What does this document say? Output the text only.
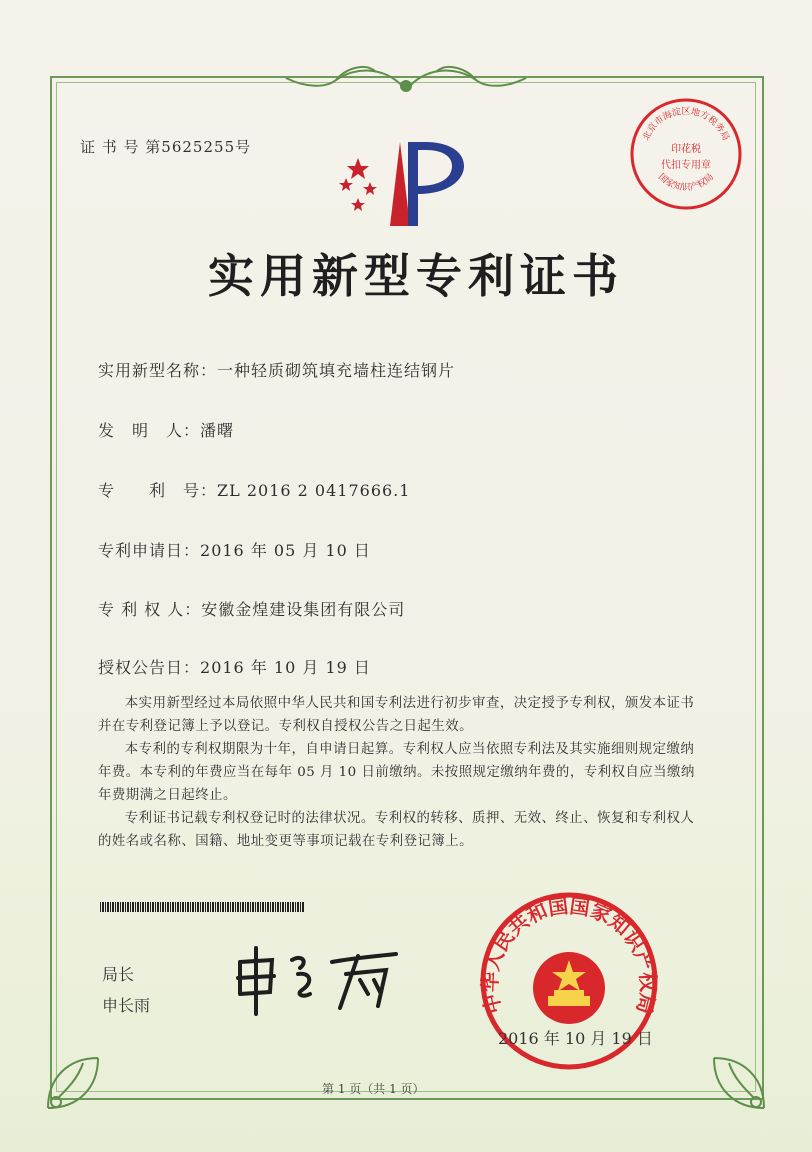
证 书 号 第5625255号
北京市海淀区地方税务局
印花税
代扣专用章
国家知识产权局
实用新型专利证书
实用新型名称：一种轻质砌筑填充墙柱连结钢片
发　明　人：潘曙
专　　利　号：ZL 2016 2 0417666.1
专利申请日：2016 年 05 月 10 日
专 利 权 人：安徽金煌建设集团有限公司
授权公告日：2016 年 10 月 19 日

本实用新型经过本局依照中华人民共和国专利法进行初步审查，决定授予专利权，颁发本证书并在专利登记簿上予以登记。专利权自授权公告之日起生效。

本专利的专利权期限为十年，自申请日起算。专利权人应当依照专利法及其实施细则规定缴纳年费。本专利的年费应当在每年 05 月 10 日前缴纳。未按照规定缴纳年费的，专利权自应当缴纳年费期满之日起终止。

专利证书记载专利权登记时的法律状况。专利权的转移、质押、无效、终止、恢复和专利权人的姓名或名称、国籍、地址变更等事项记载在专利登记簿上。

局长
申长雨	中华人民共和国国家知识产权局
2016 年 10 月 19 日
第 1 页（共 1 页）
